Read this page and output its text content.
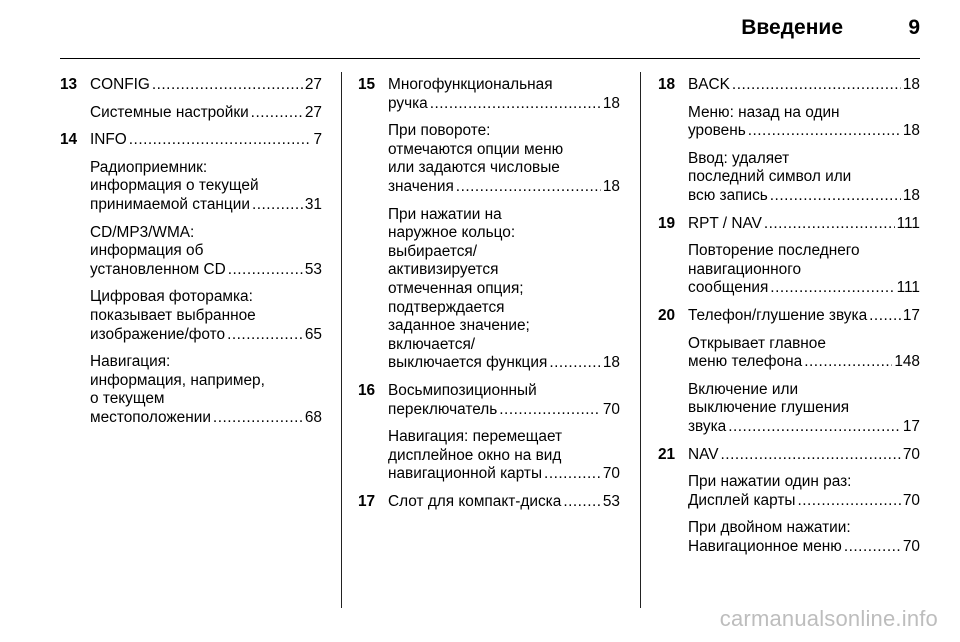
Введение	9
13 CONFIG .....	27
Системные настройки .....	27
14 INFO .....	7
Радиоприемник:
информация о текущей
принимаемой станции .....	31
CD/MP3/WMA:
информация об
установленном CD .....	53
Цифровая фоторамка:
показывает выбранное
изображение/фото .....	65
Навигация:
информация, например,
о текущем
местоположении .....	68
15 Многофункциональная
ручка .....	18
При повороте:
отмечаются опции меню
или задаются числовые
значения .....	18
При нажатии на
наружное кольцо:
выбирается/
активизируется
отмеченная опция;
подтверждается
заданное значение;
включается/
выключается функция .....	18
16 Восьмипозиционный
переключатель .....	70
Навигация: перемещает
дисплейное окно на вид
навигационной карты .....	70
17 Слот для компакт-диска .....	53
18 BACK .....	18
Меню: назад на один
уровень .....	18
Ввод: удаляет
последний символ или
всю запись .....	18
19 RPT / NAV .....	111
Повторение последнего
навигационного
сообщения .....	111
20 Телефон/глушение звука ..... 17
Открывает главное
меню телефона .....	148
Включение или
выключение глушения
звука .....	17
21 NAV .....	70
При нажатии один раз:
Дисплей карты .....	70
При двойном нажатии:
Навигационное меню .....	70
carmanualsonline.info
